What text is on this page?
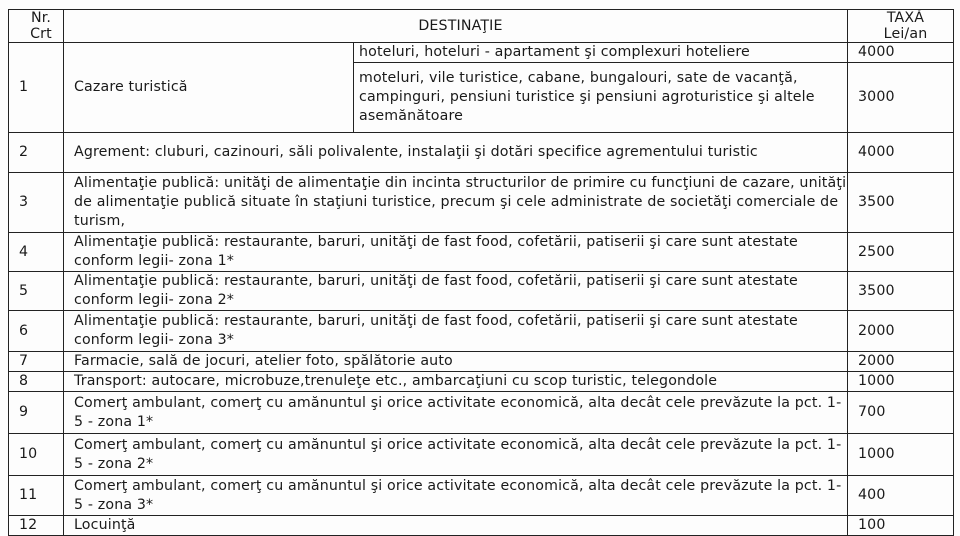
Nr.
Crt
	DESTINAŢIE	TAXĂ
Lei/an

1	Cazare turistică	hoteluri, hoteluri - apartament şi complexuri hoteliere	4000
		moteluri, vile turistice, cabane, bungalouri, sate de vacanţă, campinguri, pensiuni turistice şi pensiuni agroturistice şi altele asemănătoare	3000
2	Agrement: cluburi, cazinouri, săli polivalente, instalaţii şi dotări specifice agrementului turistic		4000
3	Alimentaţie publică: unităţi de alimentaţie din incinta structurilor de primire cu funcţiuni de cazare, unităţi de alimentaţie publică situate în staţiuni turistice, precum şi cele administrate de societăţi comerciale de turism,		3500
4	Alimentaţie publică: restaurante, baruri, unităţi de fast food, cofetării, patiserii şi care sunt atestate conform legii- zona 1*		2500
5	Alimentaţie publică: restaurante, baruri, unităţi de fast food, cofetării, patiserii şi care sunt atestate conform legii- zona 2*		3500
6	Alimentaţie publică: restaurante, baruri, unităţi de fast food, cofetării, patiserii şi care sunt atestate conform legii- zona 3*		2000
7	Farmacie, sală de jocuri, atelier foto, spălătorie auto		2000
8	Transport: autocare, microbuze,trenuleţe etc., ambarcaţiuni cu scop turistic, telegondole		1000
9	Comerţ ambulant, comerţ cu amănuntul şi orice activitate economică, alta decât cele prevăzute la pct. 1-5 - zona 1*		700
10	Comerţ ambulant, comerţ cu amănuntul şi orice activitate economică, alta decât cele prevăzute la pct. 1-5 - zona 2*		1000
11	Comerţ ambulant, comerţ cu amănuntul şi orice activitate economică, alta decât cele prevăzute la pct. 1-5 - zona 3*		400
12	Locuinţă		100
